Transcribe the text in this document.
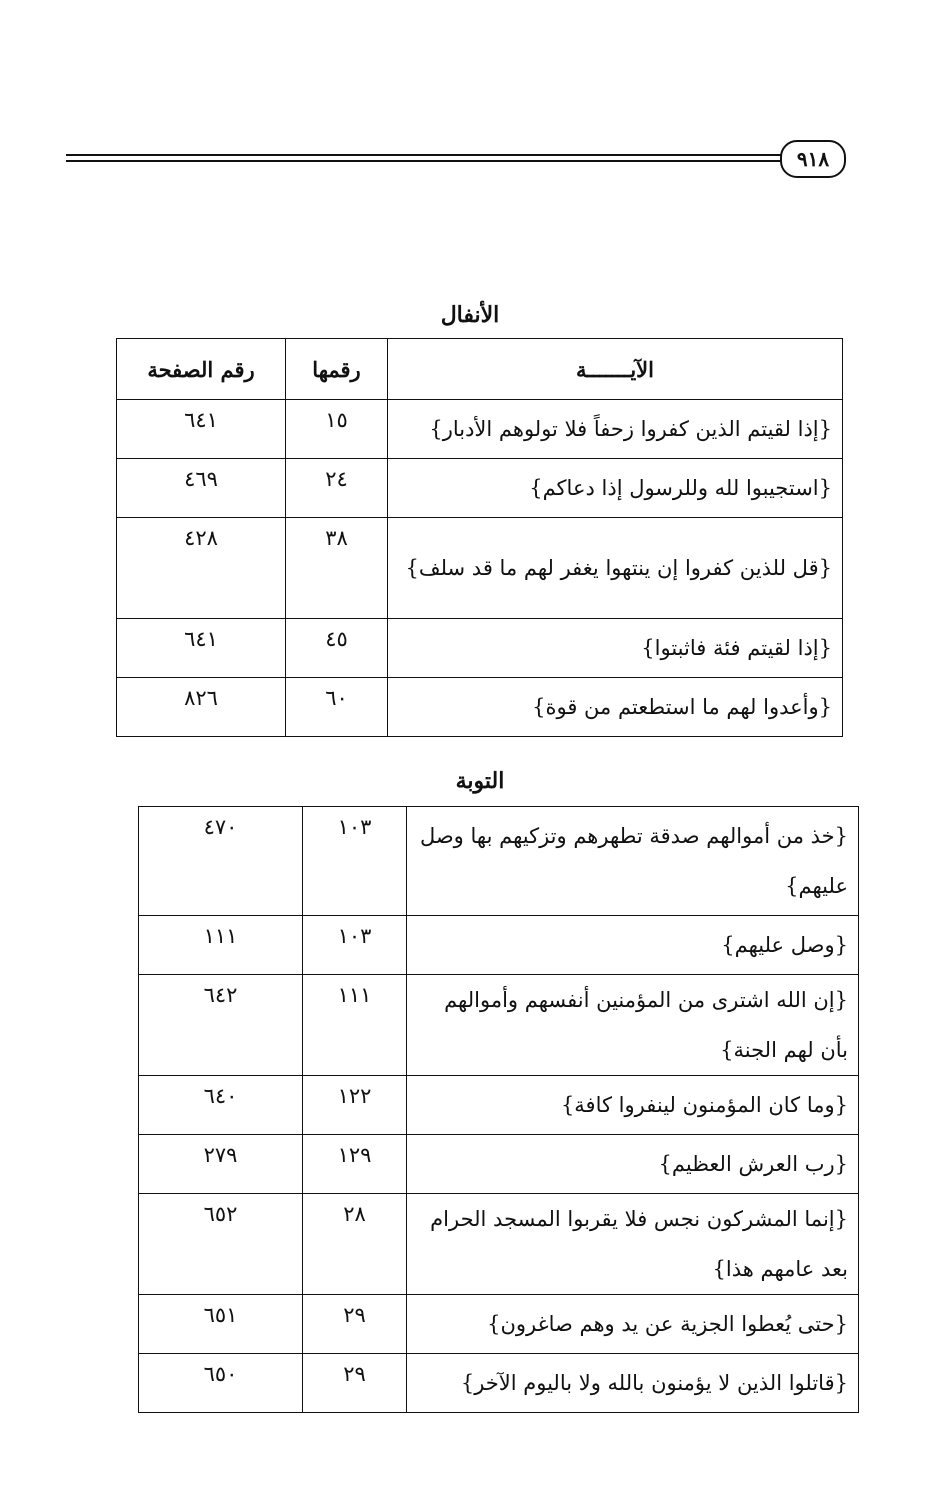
٩١٨
الأنفال
الآيـــــــة	رقمها	رقم الصفحة
{إذا لقيتم الذين كفروا زحفاً فلا تولوهم الأدبار}	١٥	٦٤١
{استجيبوا لله وللرسول إذا دعاكم}	٢٤	٤٦٩
{قل للذين كفروا إن ينتهوا يغفر لهم ما قد سلف}	٣٨	٤٢٨
{إذا لقيتم فئة فاثبتوا}	٤٥	٦٤١
{وأعدوا لهم ما استطعتم من قوة}	٦٠	٨٢٦
التوبة
{خذ من أموالهم صدقة تطهرهم وتزكيهم بها وصل عليهم}	١٠٣	٤٧٠
{وصل عليهم}	١٠٣	١١١
{إن الله اشترى من المؤمنين أنفسهم وأموالهم بأن لهم الجنة}	١١١	٦٤٢
{وما كان المؤمنون لينفروا كافة}	١٢٢	٦٤٠
{رب العرش العظيم}	١٢٩	٢٧٩
{إنما المشركون نجس فلا يقربوا المسجد الحرام بعد عامهم هذا}	٢٨	٦٥٢
{حتى يُعطوا الجزية عن يد وهم صاغرون}	٢٩	٦٥١
{قاتلوا الذين لا يؤمنون بالله ولا باليوم الآخر}	٢٩	٦٥٠
